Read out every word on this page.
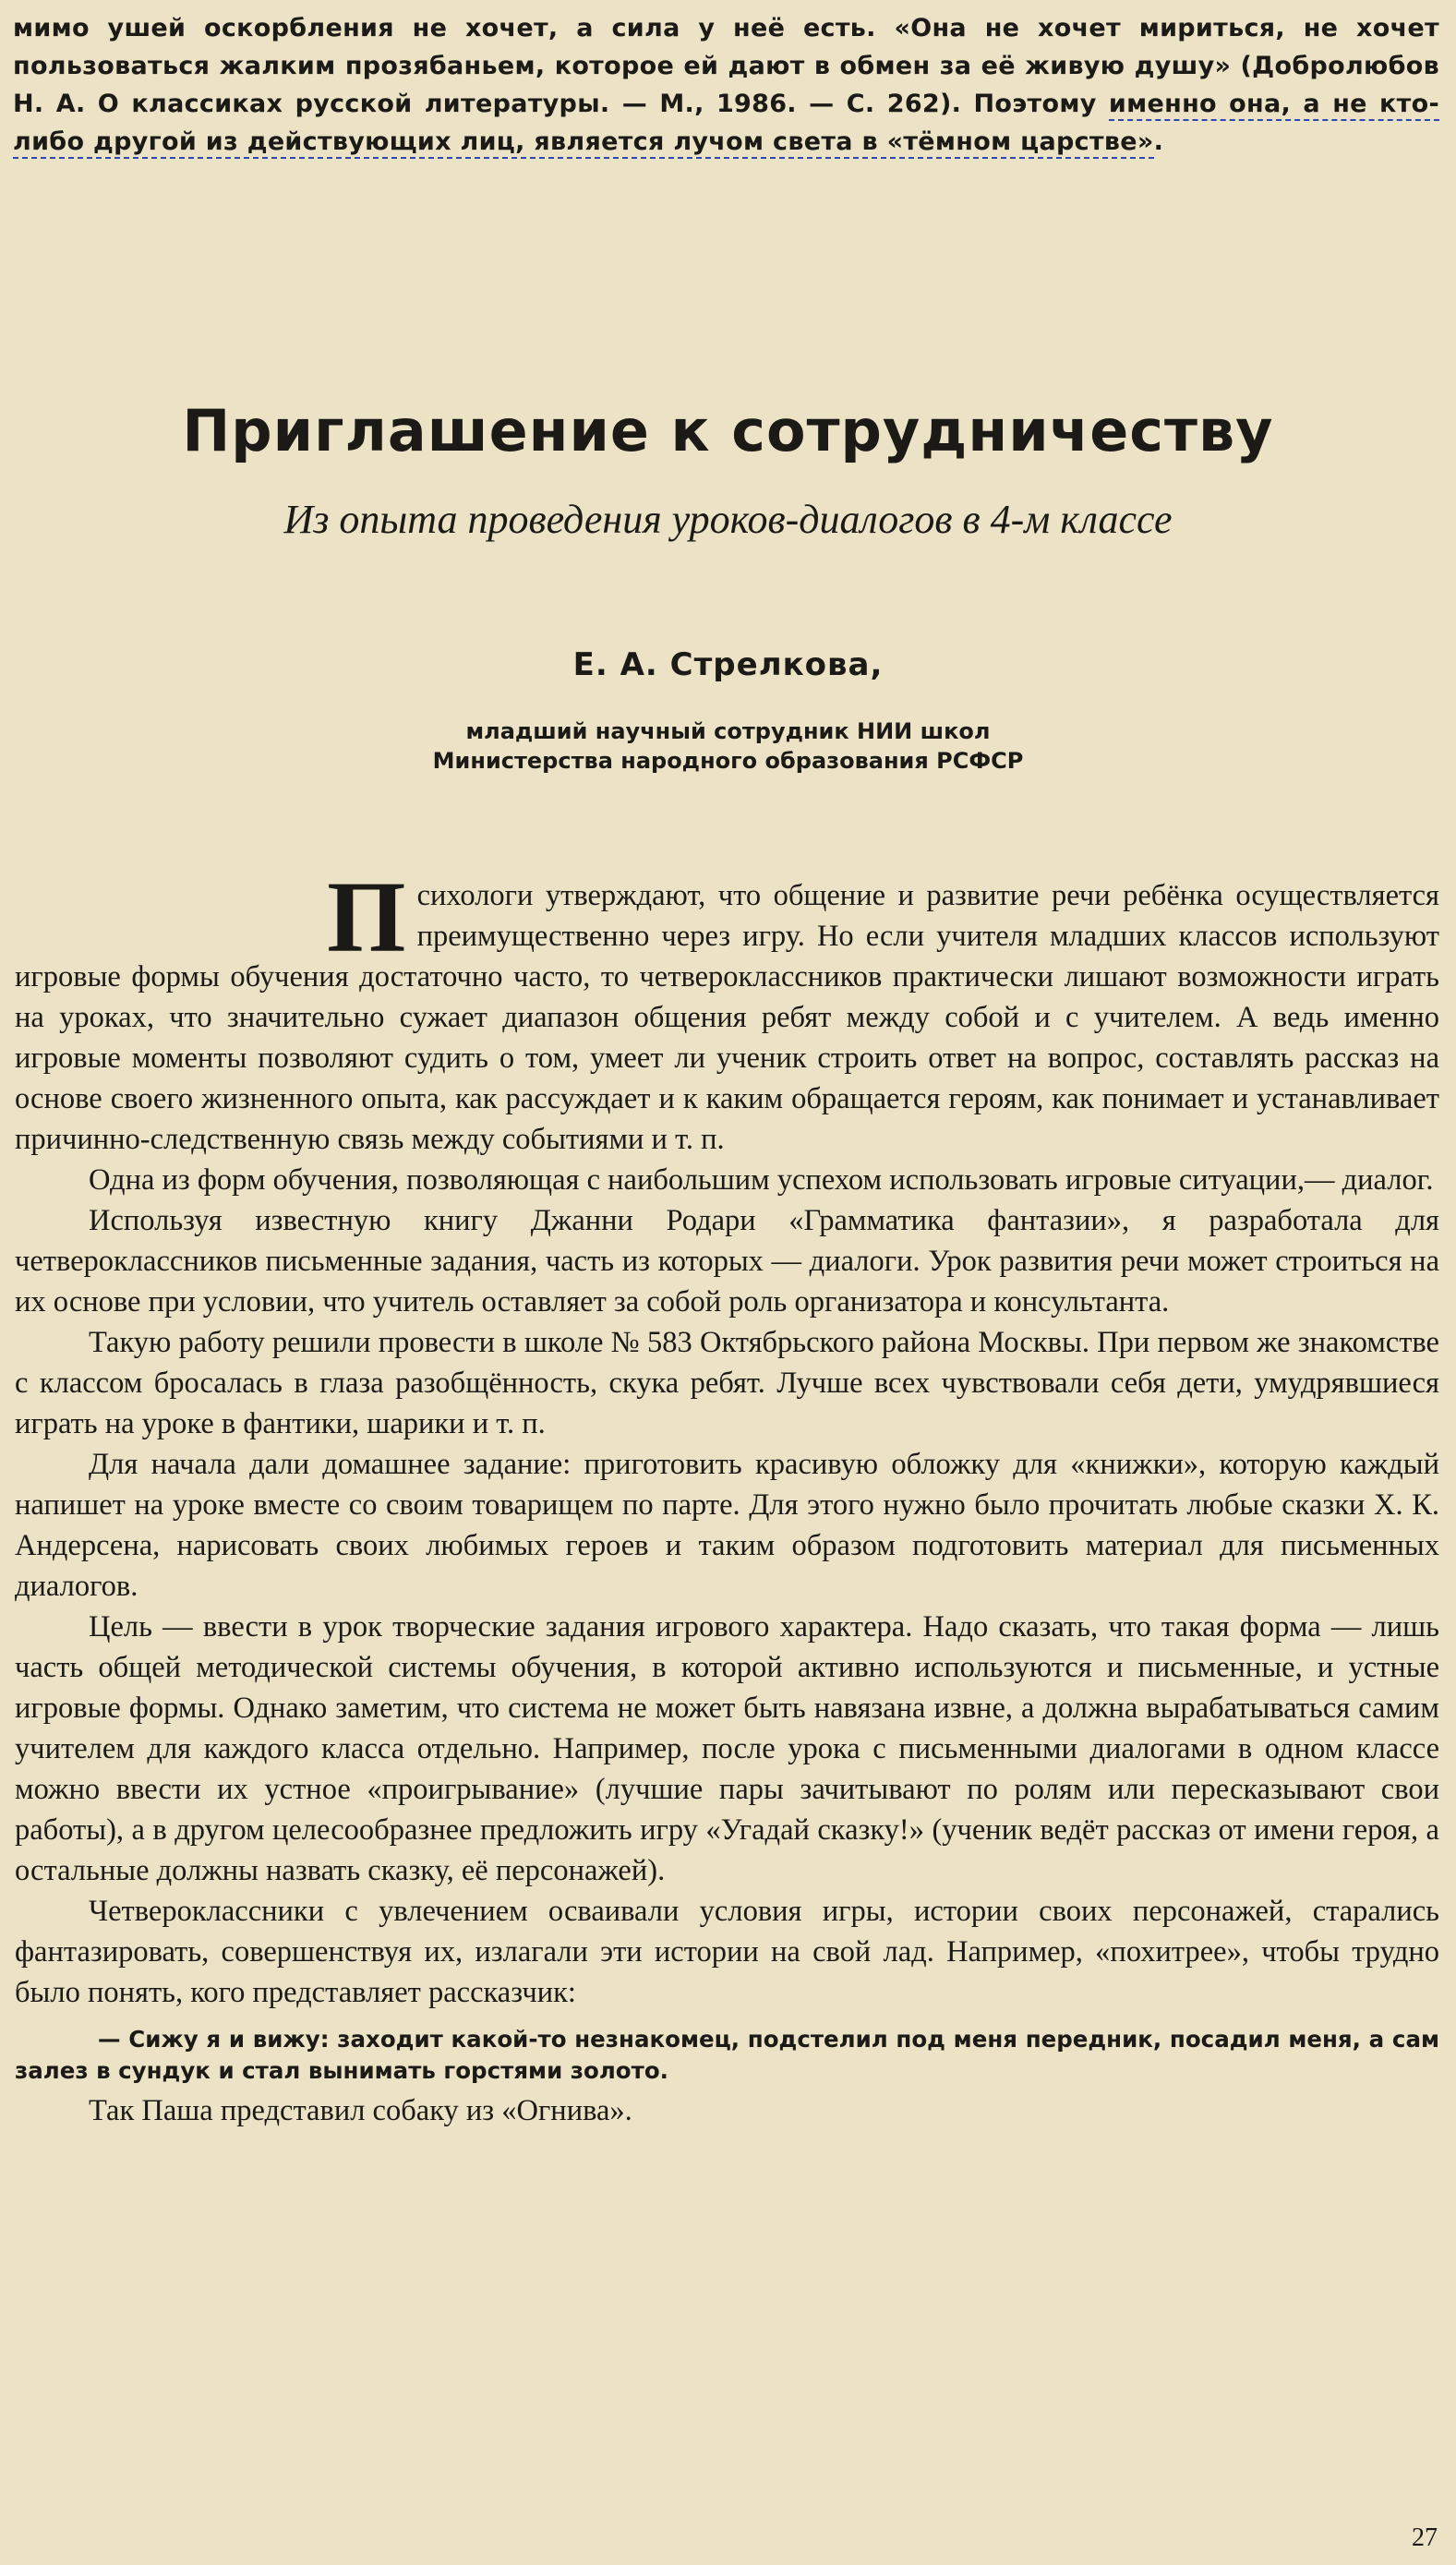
мимо ушей оскорбления не хочет, а сила у неё есть. «Она не хочет мириться, не хочет пользоваться жалким прозябаньем, которое ей дают в обмен за её живую душу» (Добролюбов Н. А. О классиках русской литературы. — М., 1986. — С. 262). Поэтому именно она, а не кто-либо другой из действующих лиц, является лучом света в «тёмном царстве».
Приглашение к сотрудничеству
Из опыта проведения уроков-диалогов в 4-м классе
Е. А. Стрелкова,
младший научный сотрудник НИИ школ
Министерства народного образования РСФСР

Психологи утверждают, что общение и развитие речи ребёнка осуществляется преимущественно через игру. Но если учителя младших классов используют игровые формы обучения достаточно часто, то четвероклассников практически лишают возможности играть на уроках, что значительно сужает диапазон общения ребят между собой и с учителем. А ведь именно игровые моменты позволяют судить о том, умеет ли ученик строить ответ на вопрос, составлять рассказ на основе своего жизненного опыта, как рассуждает и к каким обращается героям, как понимает и устанавливает причинно-следственную связь между событиями и т. п.

Одна из форм обучения, позволяющая с наибольшим успехом использовать игровые ситуации,— диалог.

Используя известную книгу Джанни Родари «Грамматика фантазии», я разработала для четвероклассников письменные задания, часть из которых — диалоги. Урок развития речи может строиться на их основе при условии, что учитель оставляет за собой роль организатора и консультанта.

Такую работу решили провести в школе № 583 Октябрьского района Москвы. При первом же знакомстве с классом бросалась в глаза разобщённость, скука ребят. Лучше всех чувствовали себя дети, умудрявшиеся играть на уроке в фантики, шарики и т. п.

Для начала дали домашнее задание: приготовить красивую обложку для «книжки», которую каждый напишет на уроке вместе со своим товарищем по парте. Для этого нужно было прочитать любые сказки Х. К. Андерсена, нарисовать своих любимых героев и таким образом подготовить материал для письменных диалогов.

Цель — ввести в урок творческие задания игрового характера. Надо сказать, что такая форма — лишь часть общей методической системы обучения, в которой активно используются и письменные, и устные игровые формы. Однако заметим, что система не может быть навязана извне, а должна вырабатываться самим учителем для каждого класса отдельно. Например, после урока с письменными диалогами в одном классе можно ввести их устное «проигрывание» (лучшие пары зачитывают по ролям или пересказывают свои работы), а в другом целесообразнее предложить игру «Угадай сказку!» (ученик ведёт рассказ от имени героя, а остальные должны назвать сказку, её персонажей).

Четвероклассники с увлечением осваивали условия игры, истории своих персонажей, старались фантазировать, совершенствуя их, излагали эти истории на свой лад. Например, «похитрее», чтобы трудно было понять, кого представляет рассказчик:

— Сижу я и вижу: заходит какой-то незнакомец, подстелил под меня передник, посадил меня, а сам залез в сундук и стал вынимать горстями золото.

Так Паша представил собаку из «Огнива».

27
